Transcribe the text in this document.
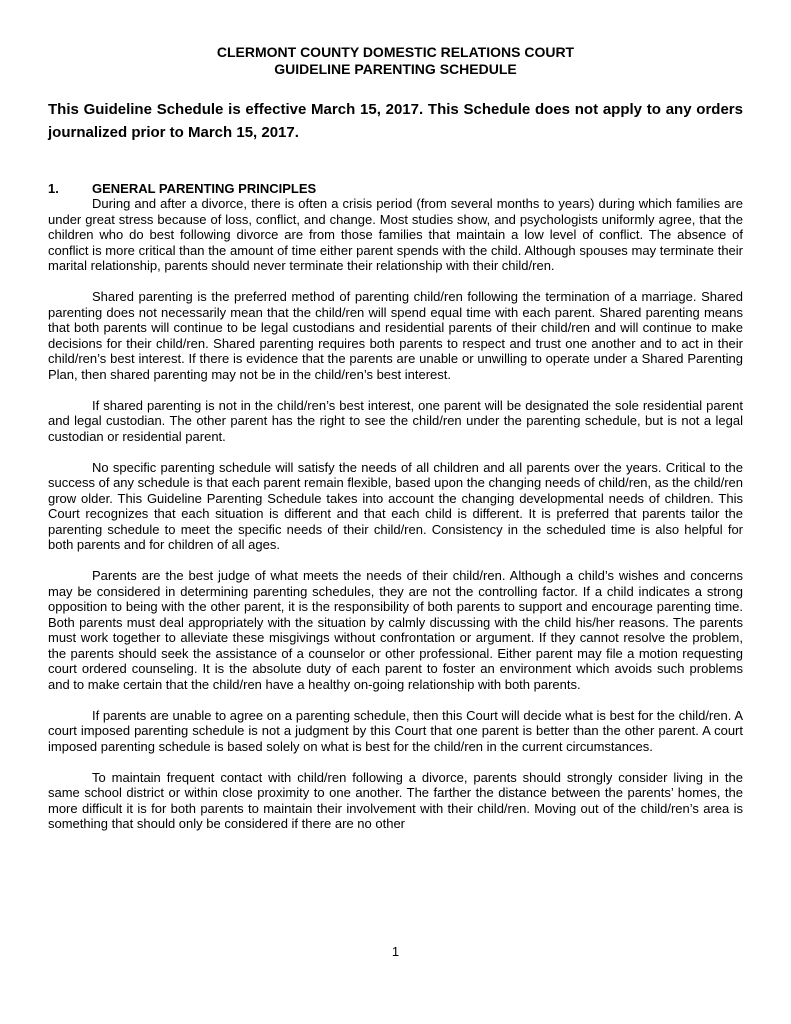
CLERMONT COUNTY DOMESTIC RELATIONS COURT
GUIDELINE PARENTING SCHEDULE
This Guideline Schedule is effective March 15, 2017. This Schedule does not apply to any orders journalized prior to March 15, 2017.
1.	GENERAL PARENTING PRINCIPLES

During and after a divorce, there is often a crisis period (from several months to years) during which families are under great stress because of loss, conflict, and change. Most studies show, and psychologists uniformly agree, that the children who do best following divorce are from those families that maintain a low level of conflict. The absence of conflict is more critical than the amount of time either parent spends with the child. Although spouses may terminate their marital relationship, parents should never terminate their relationship with their child/ren.

Shared parenting is the preferred method of parenting child/ren following the termination of a marriage. Shared parenting does not necessarily mean that the child/ren will spend equal time with each parent. Shared parenting means that both parents will continue to be legal custodians and residential parents of their child/ren and will continue to make decisions for their child/ren. Shared parenting requires both parents to respect and trust one another and to act in their child/ren’s best interest. If there is evidence that the parents are unable or unwilling to operate under a Shared Parenting Plan, then shared parenting may not be in the child/ren’s best interest.

If shared parenting is not in the child/ren’s best interest, one parent will be designated the sole residential parent and legal custodian. The other parent has the right to see the child/ren under the parenting schedule, but is not a legal custodian or residential parent.

No specific parenting schedule will satisfy the needs of all children and all parents over the years. Critical to the success of any schedule is that each parent remain flexible, based upon the changing needs of child/ren, as the child/ren grow older. This Guideline Parenting Schedule takes into account the changing developmental needs of children. This Court recognizes that each situation is different and that each child is different. It is preferred that parents tailor the parenting schedule to meet the specific needs of their child/ren. Consistency in the scheduled time is also helpful for both parents and for children of all ages.

Parents are the best judge of what meets the needs of their child/ren. Although a child’s wishes and concerns may be considered in determining parenting schedules, they are not the controlling factor. If a child indicates a strong opposition to being with the other parent, it is the responsibility of both parents to support and encourage parenting time. Both parents must deal appropriately with the situation by calmly discussing with the child his/her reasons. The parents must work together to alleviate these misgivings without confrontation or argument. If they cannot resolve the problem, the parents should seek the assistance of a counselor or other professional. Either parent may file a motion requesting court ordered counseling. It is the absolute duty of each parent to foster an environment which avoids such problems and to make certain that the child/ren have a healthy on-going relationship with both parents.

If parents are unable to agree on a parenting schedule, then this Court will decide what is best for the child/ren. A court imposed parenting schedule is not a judgment by this Court that one parent is better than the other parent. A court imposed parenting schedule is based solely on what is best for the child/ren in the current circumstances.

To maintain frequent contact with child/ren following a divorce, parents should strongly consider living in the same school district or within close proximity to one another. The farther the distance between the parents’ homes, the more difficult it is for both parents to maintain their involvement with their child/ren. Moving out of the child/ren’s area is something that should only be considered if there are no other

1
